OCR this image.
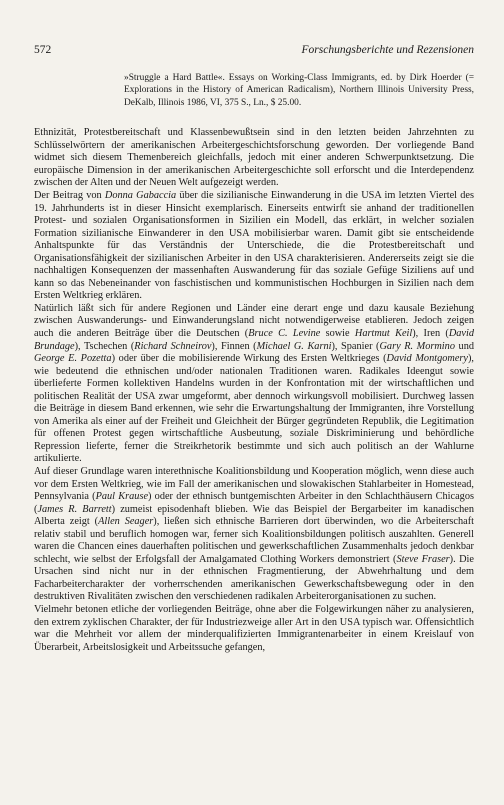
572	Forschungsberichte und Rezensionen
»Struggle a Hard Battle«. Essays on Working-Class Immigrants, ed. by Dirk Hoerder (= Explorations in the History of American Radicalism), Northern Illinois University Press, DeKalb, Illinois 1986, VI, 375 S., Ln., $ 25.00.

Ethnizität, Protestbereitschaft und Klassenbewußtsein sind in den letzten beiden Jahrzehnten zu Schlüsselwörtern der amerikanischen Arbeitergeschichtsforschung geworden. Der vorliegende Band widmet sich diesem Themenbereich gleichfalls, jedoch mit einer anderen Schwerpunktsetzung. Die europäische Dimension in der amerikanischen Arbeitergeschichte soll erforscht und die Interdependenz zwischen der Alten und der Neuen Welt aufgezeigt werden.

Der Beitrag von Donna Gabaccia über die sizilianische Einwanderung in die USA im letzten Viertel des 19. Jahrhunderts ist in dieser Hinsicht exemplarisch. Einerseits entwirft sie anhand der traditionellen Protest- und sozialen Organisationsformen in Sizilien ein Modell, das erklärt, in welcher sozialen Formation sizilianische Einwanderer in den USA mobilisierbar waren. Damit gibt sie entscheidende Anhaltspunkte für das Verständnis der Unterschiede, die die Protestbereitschaft und Organisationsfähigkeit der sizilianischen Arbeiter in den USA charakterisieren. Andererseits zeigt sie die nachhaltigen Konsequenzen der massenhaften Auswanderung für das soziale Gefüge Siziliens auf und kann so das Nebeneinander von faschistischen und kommunistischen Hochburgen in Sizilien nach dem Ersten Weltkrieg erklären.

Natürlich läßt sich für andere Regionen und Länder eine derart enge und dazu kausale Beziehung zwischen Auswanderungs- und Einwanderungsland nicht notwendigerweise etablieren. Jedoch zeigen auch die anderen Beiträge über die Deutschen (Bruce C. Levine sowie Hartmut Keil), Iren (David Brundage), Tschechen (Richard Schneirov), Finnen (Michael G. Karni), Spanier (Gary R. Mormino und George E. Pozetta) oder über die mobilisierende Wirkung des Ersten Weltkrieges (David Montgomery), wie bedeutend die ethnischen und/oder nationalen Traditionen waren. Radikales Ideengut sowie überlieferte Formen kollektiven Handelns wurden in der Konfrontation mit der wirtschaftlichen und politischen Realität der USA zwar umgeformt, aber dennoch wirkungsvoll mobilisiert. Durchweg lassen die Beiträge in diesem Band erkennen, wie sehr die Erwartungshaltung der Immigranten, ihre Vorstellung von Amerika als einer auf der Freiheit und Gleichheit der Bürger gegründeten Republik, die Legitimation für offenen Protest gegen wirtschaftliche Ausbeutung, soziale Diskriminierung und behördliche Repression lieferte, ferner die Streikrhetorik bestimmte und sich auch politisch an der Wahlurne artikulierte.

Auf dieser Grundlage waren interethnische Koalitionsbildung und Kooperation möglich, wenn diese auch vor dem Ersten Weltkrieg, wie im Fall der amerikanischen und slowakischen Stahlarbeiter in Homestead, Pennsylvania (Paul Krause) oder der ethnisch buntgemischten Arbeiter in den Schlachthäusern Chicagos (James R. Barrett) zumeist episodenhaft blieben. Wie das Beispiel der Bergarbeiter im kanadischen Alberta zeigt (Allen Seager), ließen sich ethnische Barrieren dort überwinden, wo die Arbeiterschaft relativ stabil und beruflich homogen war, ferner sich Koalitionsbildungen politisch auszahlten. Generell waren die Chancen eines dauerhaften politischen und gewerkschaftlichen Zusammenhalts jedoch denkbar schlecht, wie selbst der Erfolgsfall der Amalgamated Clothing Workers demonstriert (Steve Fraser). Die Ursachen sind nicht nur in der ethnischen Fragmentierung, der Abwehrhaltung und dem Facharbeitercharakter der vorherrschenden amerikanischen Gewerkschaftsbewegung oder in den destruktiven Rivalitäten zwischen den verschiedenen radikalen Arbeiterorganisationen zu suchen.

Vielmehr betonen etliche der vorliegenden Beiträge, ohne aber die Folgewirkungen näher zu analysieren, den extrem zyklischen Charakter, der für Industriezweige aller Art in den USA typisch war. Offensichtlich war die Mehrheit vor allem der minderqualifizierten Immigrantenarbeiter in einem Kreislauf von Überarbeit, Arbeitslosigkeit und Arbeitssuche gefangen,
